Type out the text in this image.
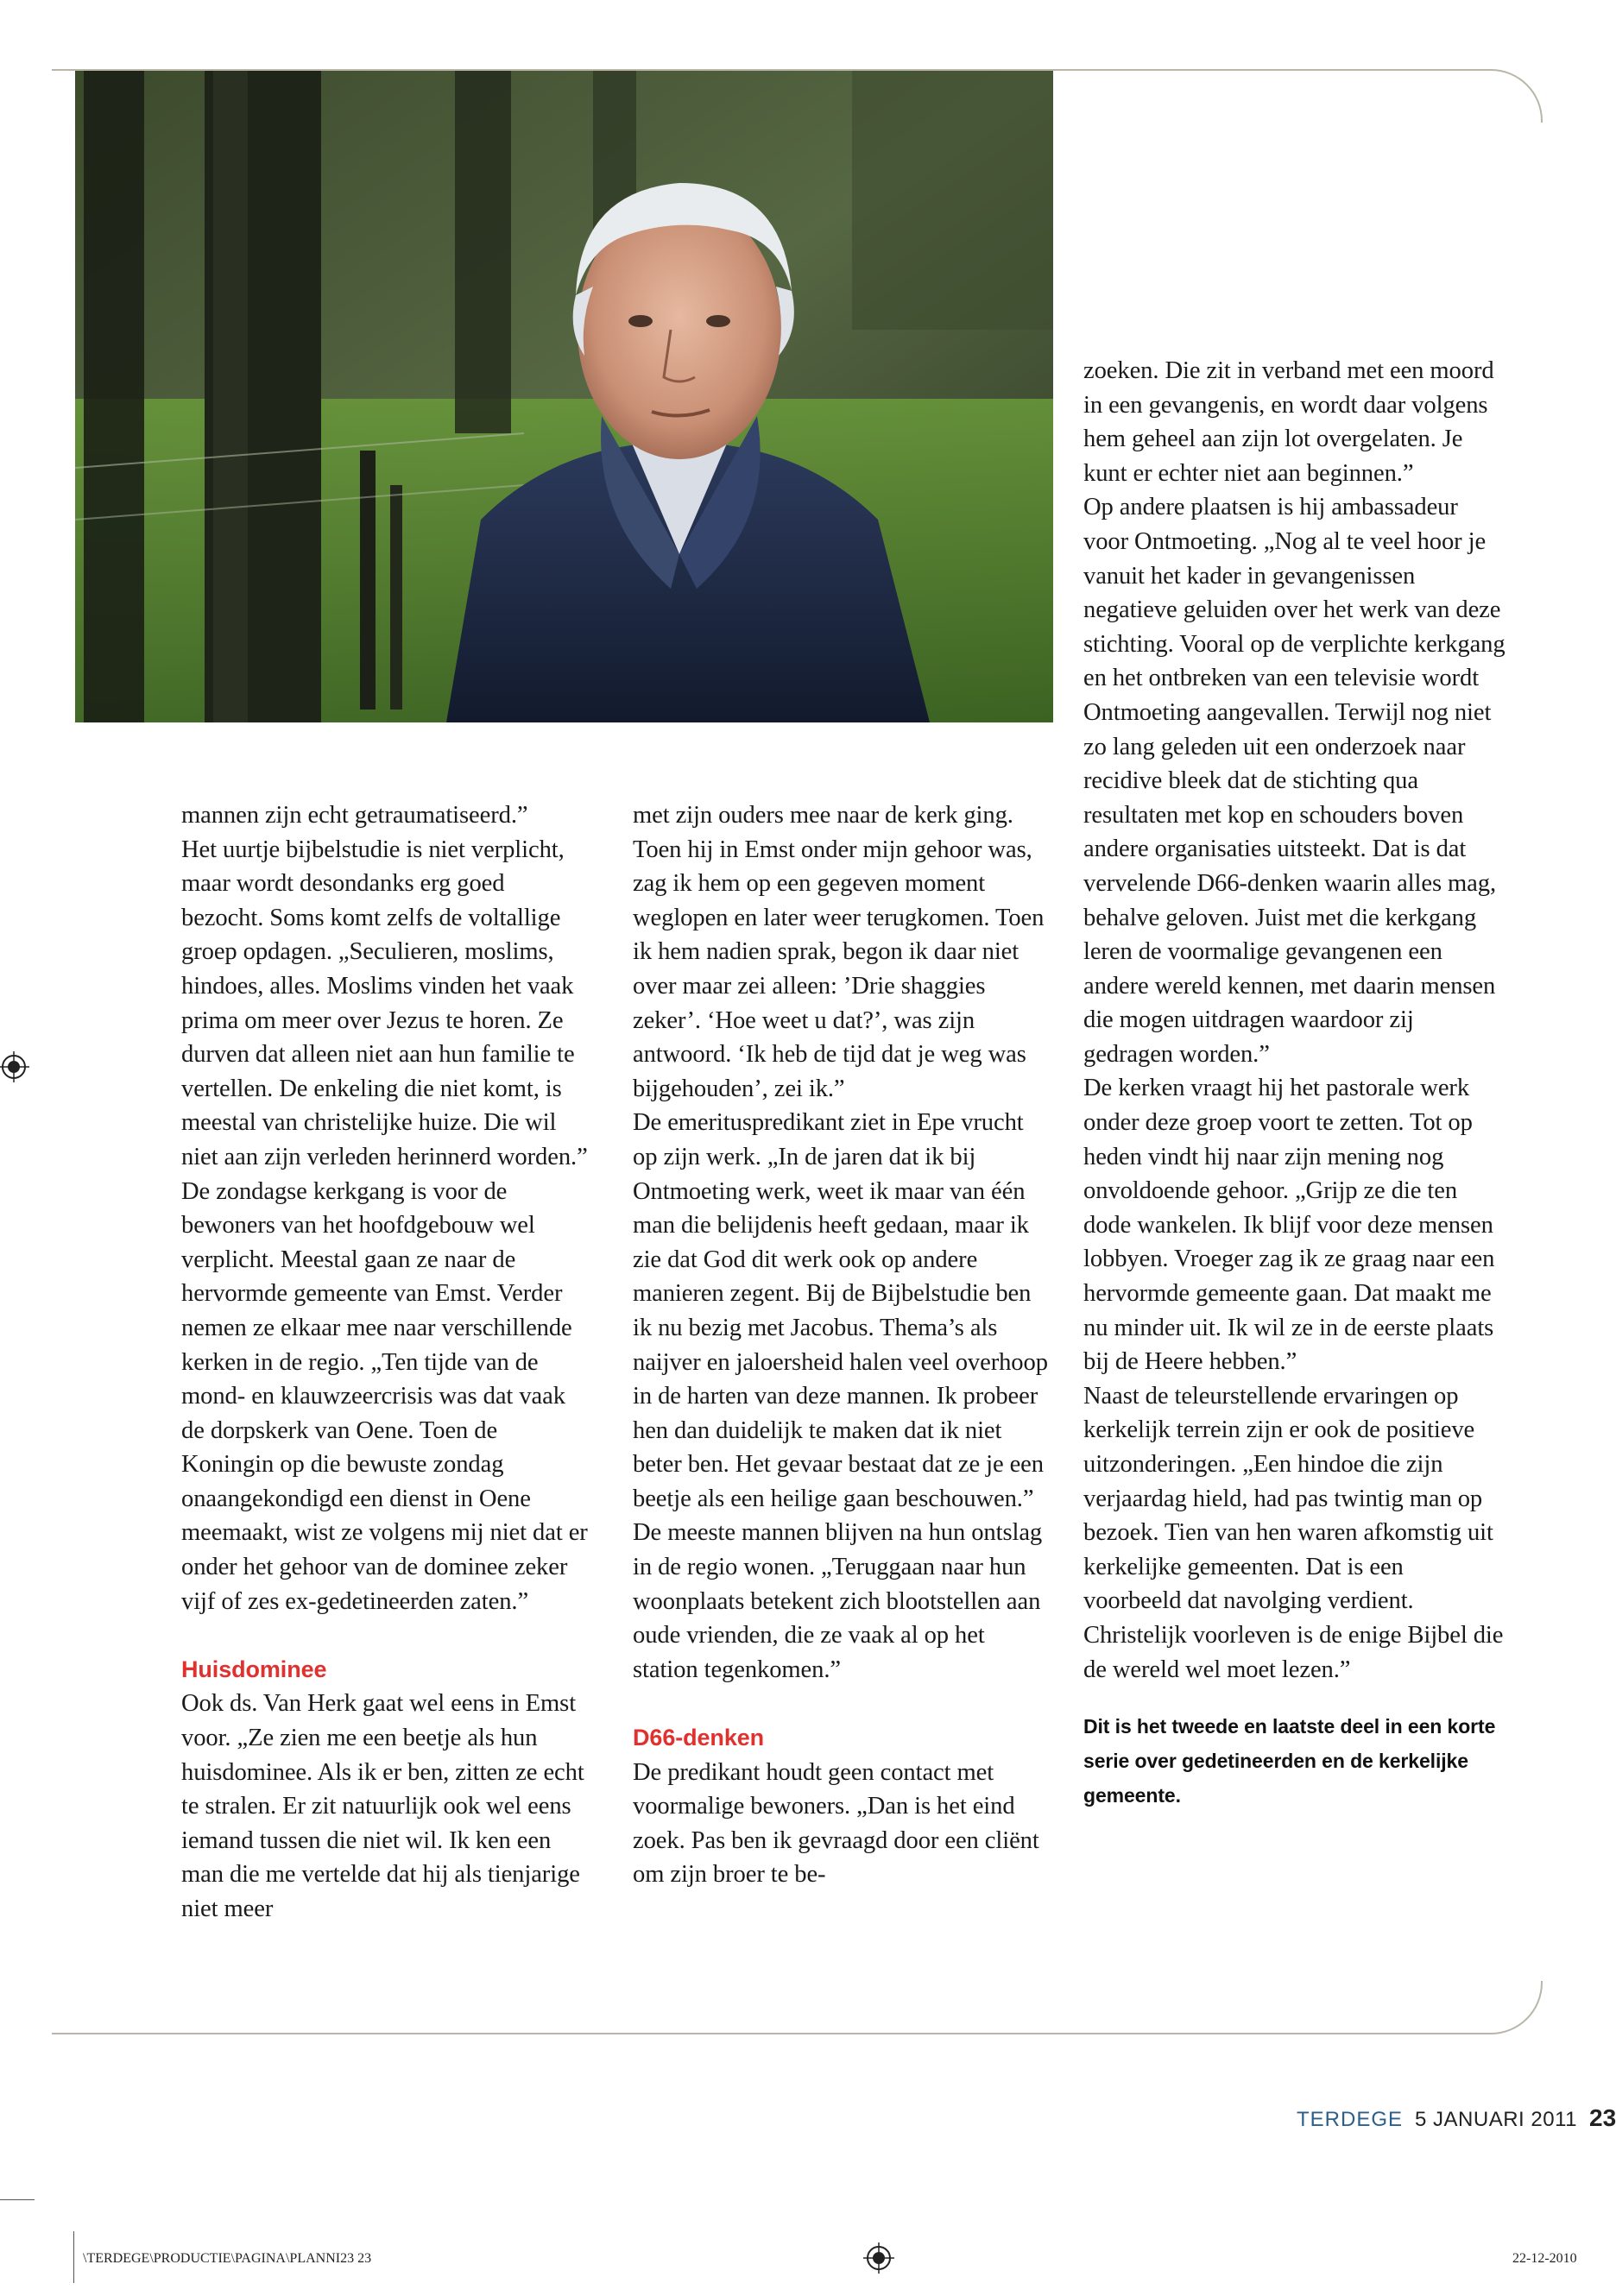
mannen zijn echt getraumatiseerd.”

Het uurtje bijbelstudie is niet verplicht, maar wordt desondanks erg goed bezocht. Soms komt zelfs de voltallige groep opdagen. „Seculieren, moslims, hindoes, alles. Moslims vinden het vaak prima om meer over Jezus te horen. Ze durven dat alleen niet aan hun familie te vertellen. De enkeling die niet komt, is meestal van christelijke huize. Die wil niet aan zijn verleden herinnerd worden.”

De zondagse kerkgang is voor de bewoners van het hoofdgebouw wel verplicht. Meestal gaan ze naar de hervormde gemeente van Emst. Verder nemen ze elkaar mee naar verschillende kerken in de regio. „Ten tijde van de mond- en klauwzeercrisis was dat vaak de dorpskerk van Oene. Toen de Koningin op die bewuste zondag onaangekondigd een dienst in Oene meemaakt, wist ze volgens mij niet dat er onder het gehoor van de dominee zeker vijf of zes ex-gedetineerden zaten.”

Huisdominee

Ook ds. Van Herk gaat wel eens in Emst voor. „Ze zien me een beetje als hun huisdominee. Als ik er ben, zitten ze echt te stralen. Er zit natuurlijk ook wel eens iemand tussen die niet wil. Ik ken een man die me vertelde dat hij als tienjarige niet meer

met zijn ouders mee naar de kerk ging. Toen hij in Emst onder mijn gehoor was, zag ik hem op een gegeven moment weglopen en later weer terugkomen. Toen ik hem nadien sprak, begon ik daar niet over maar zei alleen: ’Drie shaggies zeker’. ‘Hoe weet u dat?’, was zijn antwoord. ‘Ik heb de tijd dat je weg was bijgehouden’, zei ik.”

De emerituspredikant ziet in Epe vrucht op zijn werk. „In de jaren dat ik bij Ontmoeting werk, weet ik maar van één man die belijdenis heeft gedaan, maar ik zie dat God dit werk ook op andere manieren zegent. Bij de Bijbelstudie ben ik nu bezig met Jacobus. Thema’s als naijver en jaloersheid halen veel overhoop in de harten van deze mannen. Ik probeer hen dan duidelijk te maken dat ik niet beter ben. Het gevaar bestaat dat ze je een beetje als een heilige gaan beschouwen.”

De meeste mannen blijven na hun ontslag in de regio wonen. „Teruggaan naar hun woonplaats betekent zich blootstellen aan oude vrienden, die ze vaak al op het station tegenkomen.”

D66-denken

De predikant houdt geen contact met voormalige bewoners. „Dan is het eind zoek. Pas ben ik gevraagd door een cliënt om zijn broer te be-

zoeken. Die zit in verband met een moord in een gevangenis, en wordt daar volgens hem geheel aan zijn lot overgelaten. Je kunt er echter niet aan beginnen.”

Op andere plaatsen is hij ambassadeur voor Ontmoeting. „Nog al te veel hoor je vanuit het kader in gevangenissen negatieve geluiden over het werk van deze stichting. Vooral op de verplichte kerkgang en het ontbreken van een televisie wordt Ontmoeting aangevallen. Terwijl nog niet zo lang geleden uit een onderzoek naar recidive bleek dat de stichting qua resultaten met kop en schouders boven andere organisaties uitsteekt. Dat is dat vervelende D66-denken waarin alles mag, behalve geloven. Juist met die kerkgang leren de voormalige gevangenen een andere wereld kennen, met daarin mensen die mogen uitdragen waardoor zij gedragen worden.”

De kerken vraagt hij het pastorale werk onder deze groep voort te zetten. Tot op heden vindt hij naar zijn mening nog onvoldoende gehoor. „Grijp ze die ten dode wankelen. Ik blijf voor deze mensen lobbyen. Vroeger zag ik ze graag naar een hervormde gemeente gaan. Dat maakt me nu minder uit. Ik wil ze in de eerste plaats bij de Heere hebben.”

Naast de teleurstellende ervaringen op kerkelijk terrein zijn er ook de positieve uitzonderingen. „Een hindoe die zijn verjaardag hield, had pas twintig man op bezoek. Tien van hen waren afkomstig uit kerkelijke gemeenten. Dat is een voorbeeld dat navolging verdient. Christelijk voorleven is de enige Bijbel die de wereld wel moet lezen.”

Dit is het tweede en laatste deel in een korte serie over gedetineerden en de kerkelijke gemeente.

TERDEGE 5 JANUARI 2011 23
\TERDEGE\PRODUCTIE\PAGINA\PLANNI23 23	22-12-2010
